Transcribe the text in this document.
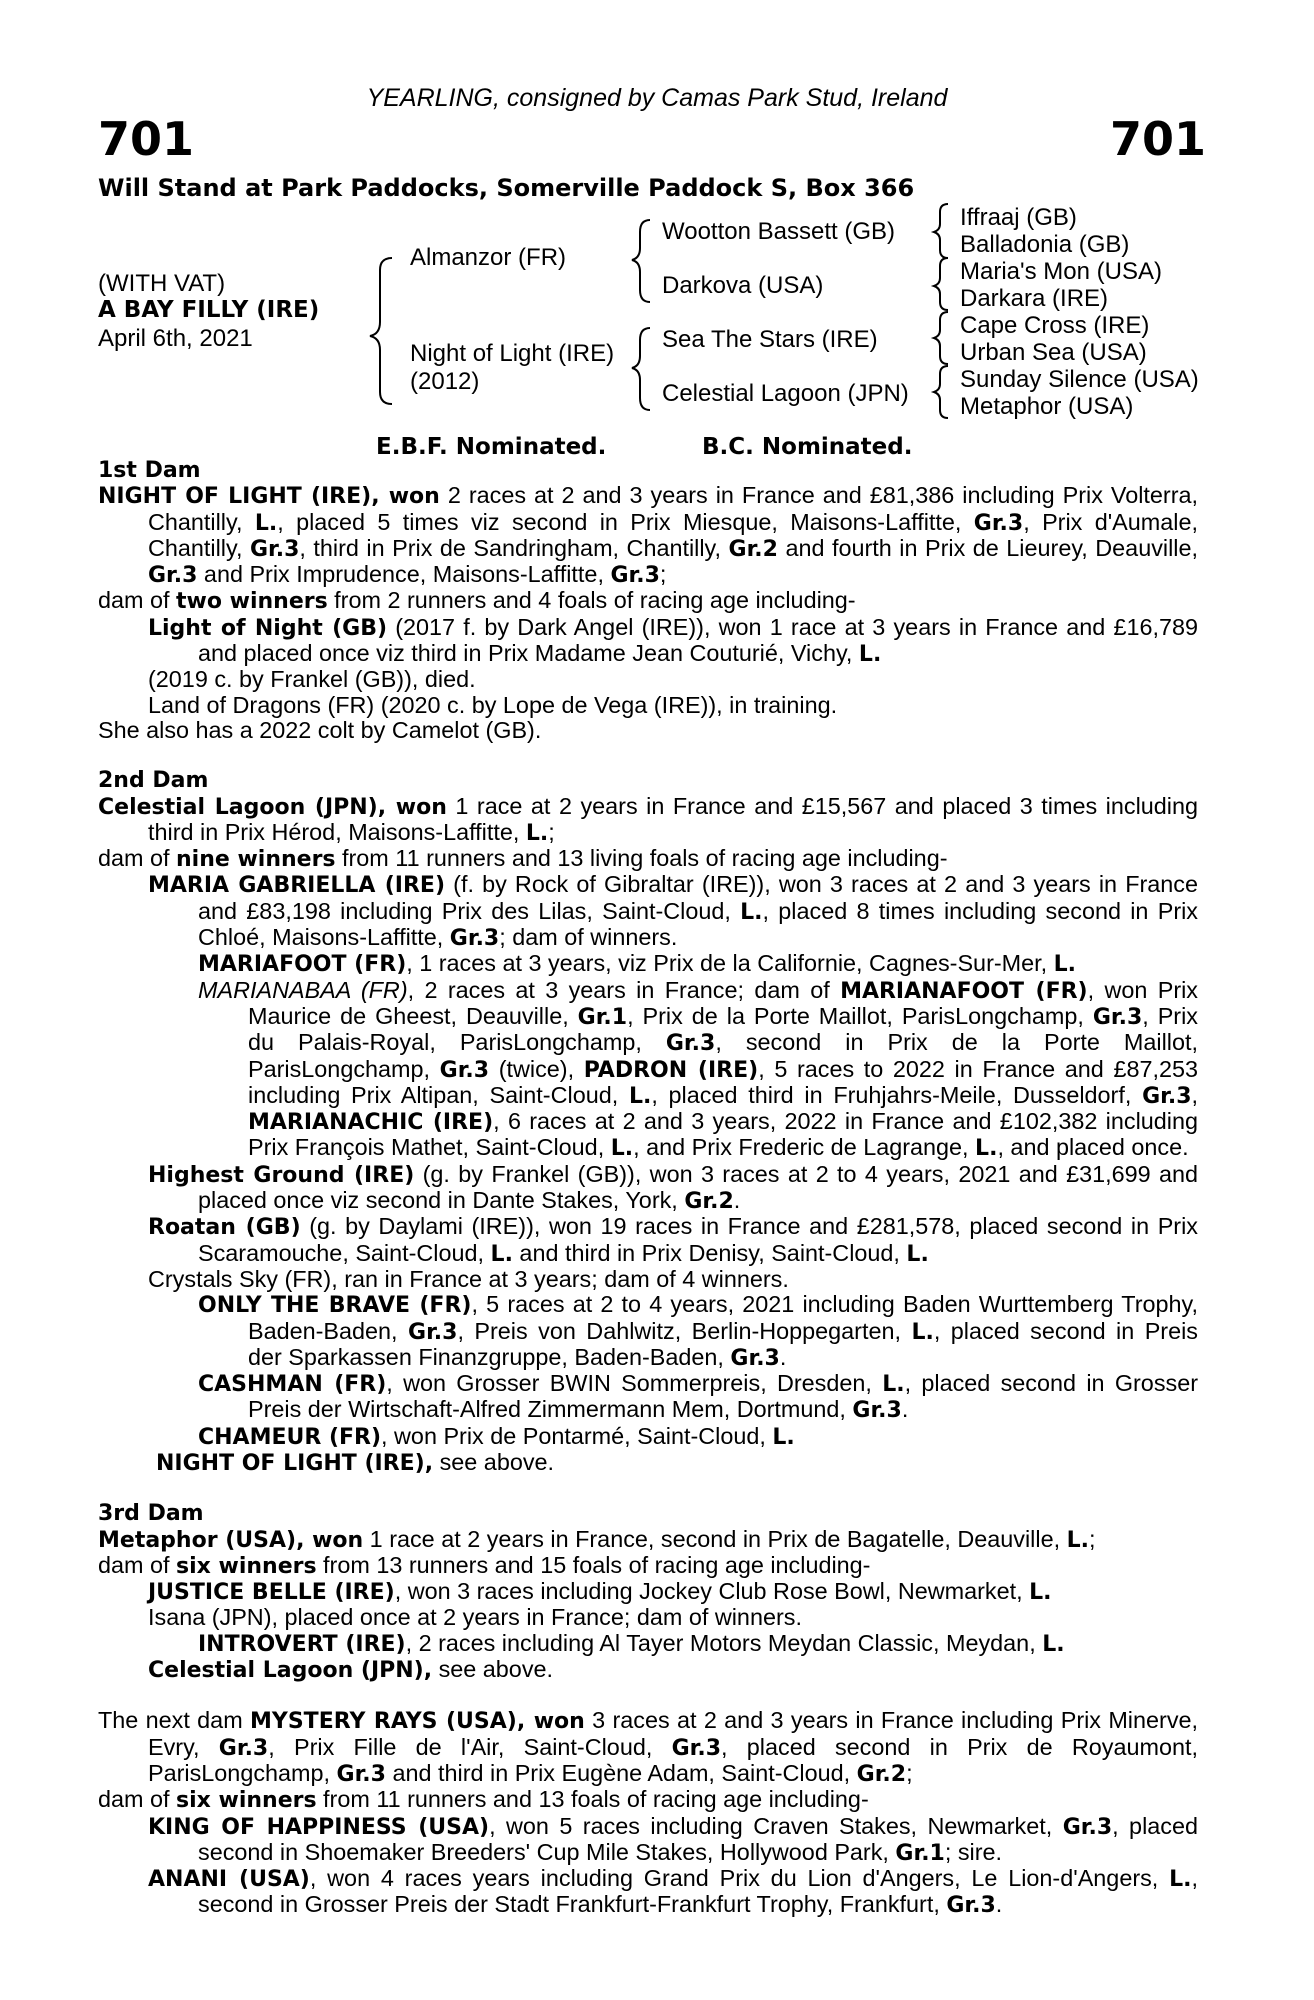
YEARLING, consigned by Camas Park Stud, Ireland
701	701
Will Stand at Park Paddocks, Somerville Paddock S, Box 366
(WITH VAT)
A BAY FILLY (IRE)
April 6th, 2021
Almanzor (FR)
Night of Light (IRE)
(2012)
Wootton Bassett (GB)
Darkova (USA)
Sea The Stars (IRE)
Celestial Lagoon (JPN)
Iffraaj (GB)
Balladonia (GB)
Maria's Mon (USA)
Darkara (IRE)
Cape Cross (IRE)
Urban Sea (USA)
Sunday Silence (USA)
Metaphor (USA)
E.B.F. Nominated.	B.C. Nominated.

1st Dam

NIGHT OF LIGHT (IRE), won 2 races at 2 and 3 years in France and £81,386 including Prix Volterra, Chantilly, L., placed 5 times viz second in Prix Miesque, Maisons-Laffitte, Gr.3, Prix d'Aumale, Chantilly, Gr.3, third in Prix de Sandringham, Chantilly, Gr.2 and fourth in Prix de Lieurey, Deauville, Gr.3 and Prix Imprudence, Maisons-Laffitte, Gr.3;

dam of two winners from 2 runners and 4 foals of racing age including-

Light of Night (GB) (2017 f. by Dark Angel (IRE)), won 1 race at 3 years in France and £16,789 and placed once viz third in Prix Madame Jean Couturié, Vichy, L.

(2019 c. by Frankel (GB)), died.

Land of Dragons (FR) (2020 c. by Lope de Vega (IRE)), in training.

She also has a 2022 colt by Camelot (GB).

2nd Dam

Celestial Lagoon (JPN), won 1 race at 2 years in France and £15,567 and placed 3 times including third in Prix Hérod, Maisons-Laffitte, L.;

dam of nine winners from 11 runners and 13 living foals of racing age including-

MARIA GABRIELLA (IRE) (f. by Rock of Gibraltar (IRE)), won 3 races at 2 and 3 years in France and £83,198 including Prix des Lilas, Saint-Cloud, L., placed 8 times including second in Prix Chloé, Maisons-Laffitte, Gr.3; dam of winners.

MARIAFOOT (FR), 1 races at 3 years, viz Prix de la Californie, Cagnes-Sur-Mer, L.

MARIANABAA (FR), 2 races at 3 years in France; dam of MARIANAFOOT (FR), won Prix Maurice de Gheest, Deauville, Gr.1, Prix de la Porte Maillot, ParisLongchamp, Gr.3, Prix du Palais-Royal, ParisLongchamp, Gr.3, second in Prix de la Porte Maillot, ParisLongchamp, Gr.3 (twice), PADRON (IRE), 5 races to 2022 in France and £87,253 including Prix Altipan, Saint-Cloud, L., placed third in Fruhjahrs-Meile, Dusseldorf, Gr.3, MARIANACHIC (IRE), 6 races at 2 and 3 years, 2022 in France and £102,382 including Prix François Mathet, Saint-Cloud, L., and Prix Frederic de Lagrange, L., and placed once.

Highest Ground (IRE) (g. by Frankel (GB)), won 3 races at 2 to 4 years, 2021 and £31,699 and placed once viz second in Dante Stakes, York, Gr.2.

Roatan (GB) (g. by Daylami (IRE)), won 19 races in France and £281,578, placed second in Prix Scaramouche, Saint-Cloud, L. and third in Prix Denisy, Saint-Cloud, L.

Crystals Sky (FR), ran in France at 3 years; dam of 4 winners.

ONLY THE BRAVE (FR), 5 races at 2 to 4 years, 2021 including Baden Wurttemberg Trophy, Baden-Baden, Gr.3, Preis von Dahlwitz, Berlin-Hoppegarten, L., placed second in Preis der Sparkassen Finanzgruppe, Baden-Baden, Gr.3.

CASHMAN (FR), won Grosser BWIN Sommerpreis, Dresden, L., placed second in Grosser Preis der Wirtschaft-Alfred Zimmermann Mem, Dortmund, Gr.3.

CHAMEUR (FR), won Prix de Pontarmé, Saint-Cloud, L.

NIGHT OF LIGHT (IRE), see above.

3rd Dam

Metaphor (USA), won 1 race at 2 years in France, second in Prix de Bagatelle, Deauville, L.;

dam of six winners from 13 runners and 15 foals of racing age including-

JUSTICE BELLE (IRE), won 3 races including Jockey Club Rose Bowl, Newmarket, L.

Isana (JPN), placed once at 2 years in France; dam of winners.

INTROVERT (IRE), 2 races including Al Tayer Motors Meydan Classic, Meydan, L.

Celestial Lagoon (JPN), see above.

The next dam MYSTERY RAYS (USA), won 3 races at 2 and 3 years in France including Prix Minerve, Evry, Gr.3, Prix Fille de l'Air, Saint-Cloud, Gr.3, placed second in Prix de Royaumont, ParisLongchamp, Gr.3 and third in Prix Eugène Adam, Saint-Cloud, Gr.2;

dam of six winners from 11 runners and 13 foals of racing age including-

KING OF HAPPINESS (USA), won 5 races including Craven Stakes, Newmarket, Gr.3, placed second in Shoemaker Breeders' Cup Mile Stakes, Hollywood Park, Gr.1; sire.

ANANI (USA), won 4 races years including Grand Prix du Lion d'Angers, Le Lion-d'Angers, L., second in Grosser Preis der Stadt Frankfurt-Frankfurt Trophy, Frankfurt, Gr.3.
